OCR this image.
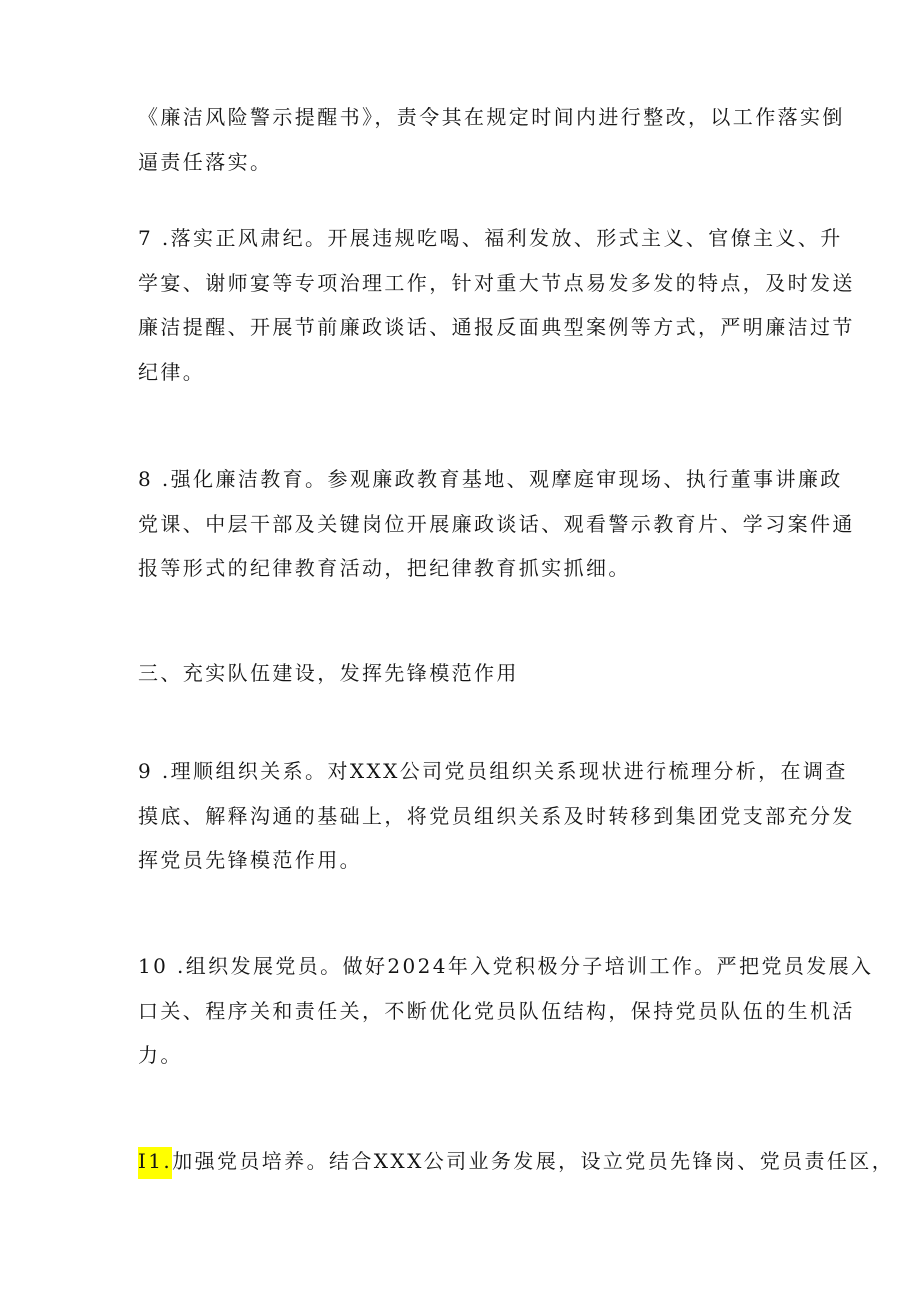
《廉洁风险警示提醒书》，责令其在规定时间内进行整改，以工作落实倒
逼责任落实。
7 .落实正风肃纪。开展违规吃喝、福利发放、形式主义、官僚主义、升
学宴、谢师宴等专项治理工作，针对重大节点易发多发的特点，及时发送
廉洁提醒、开展节前廉政谈话、通报反面典型案例等方式，严明廉洁过节
纪律。
8 .强化廉洁教育。参观廉政教育基地、观摩庭审现场、执行董事讲廉政
党课、中层干部及关键岗位开展廉政谈话、观看警示教育片、学习案件通
报等形式的纪律教育活动，把纪律教育抓实抓细。
三、充实队伍建设，发挥先锋模范作用
9 .理顺组织关系。对XXX公司党员组织关系现状进行梳理分析，在调查
摸底、解释沟通的基础上，将党员组织关系及时转移到集团党支部充分发
挥党员先锋模范作用。
10 .组织发展党员。做好2024年入党积极分子培训工作。严把党员发展入
口关、程序关和责任关，不断优化党员队伍结构，保持党员队伍的生机活
力。
I1.加强党员培养。结合XXX公司业务发展，设立党员先锋岗、党员责任区，
